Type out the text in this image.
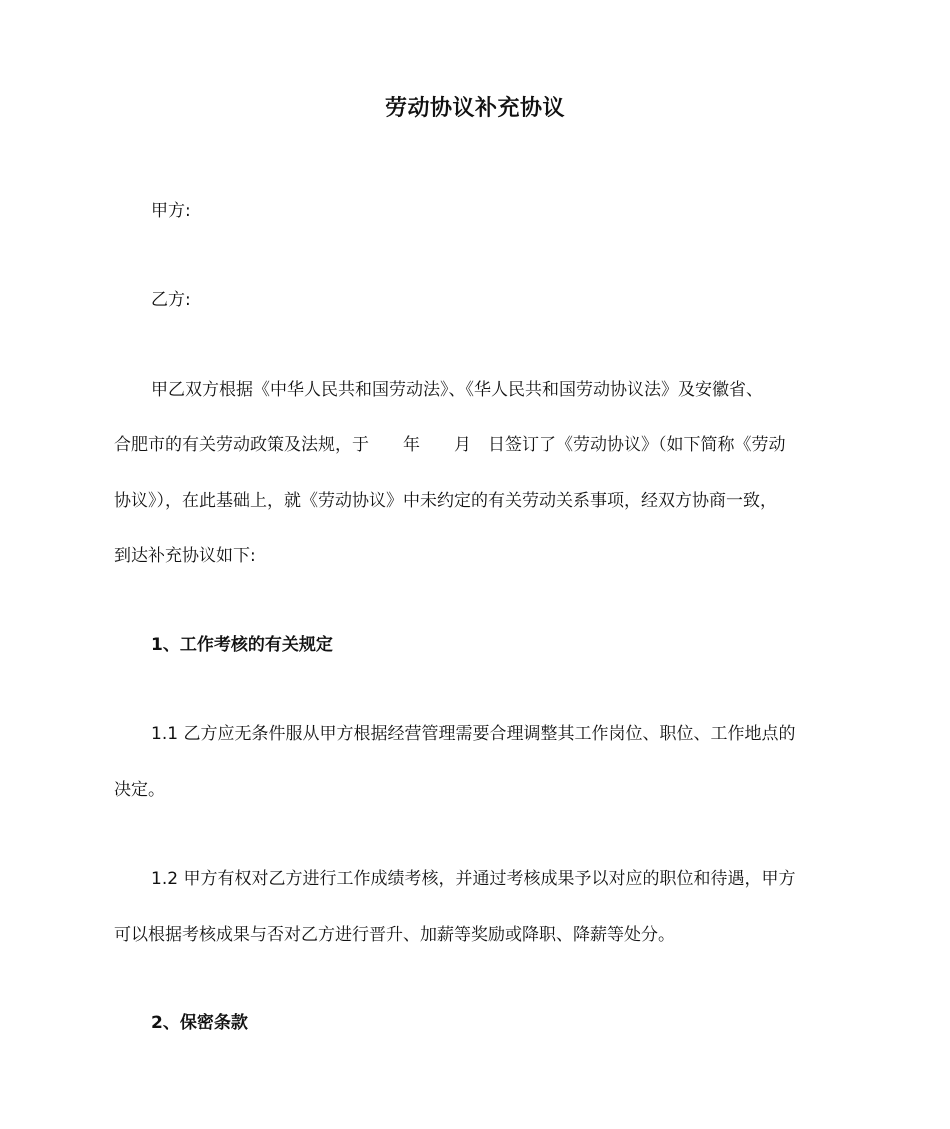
劳动协议补充协议
甲方:
乙方:
甲乙双方根据《中华人民共和国劳动法》、《华人民共和国劳动协议法》及安徽省、
合肥市的有关劳动政策及法规，于　　年　　月　日签订了《劳动协议》（如下简称《劳动
协议》），在此基础上，就《劳动协议》中未约定的有关劳动关系事项，经双方协商一致，
到达补充协议如下:
1、工作考核的有关规定
1.1 乙方应无条件服从甲方根据经营管理需要合理调整其工作岗位、职位、工作地点的
决定。
1.2 甲方有权对乙方进行工作成绩考核，并通过考核成果予以对应的职位和待遇，甲方
可以根据考核成果与否对乙方进行晋升、加薪等奖励或降职、降薪等处分。
2、保密条款
